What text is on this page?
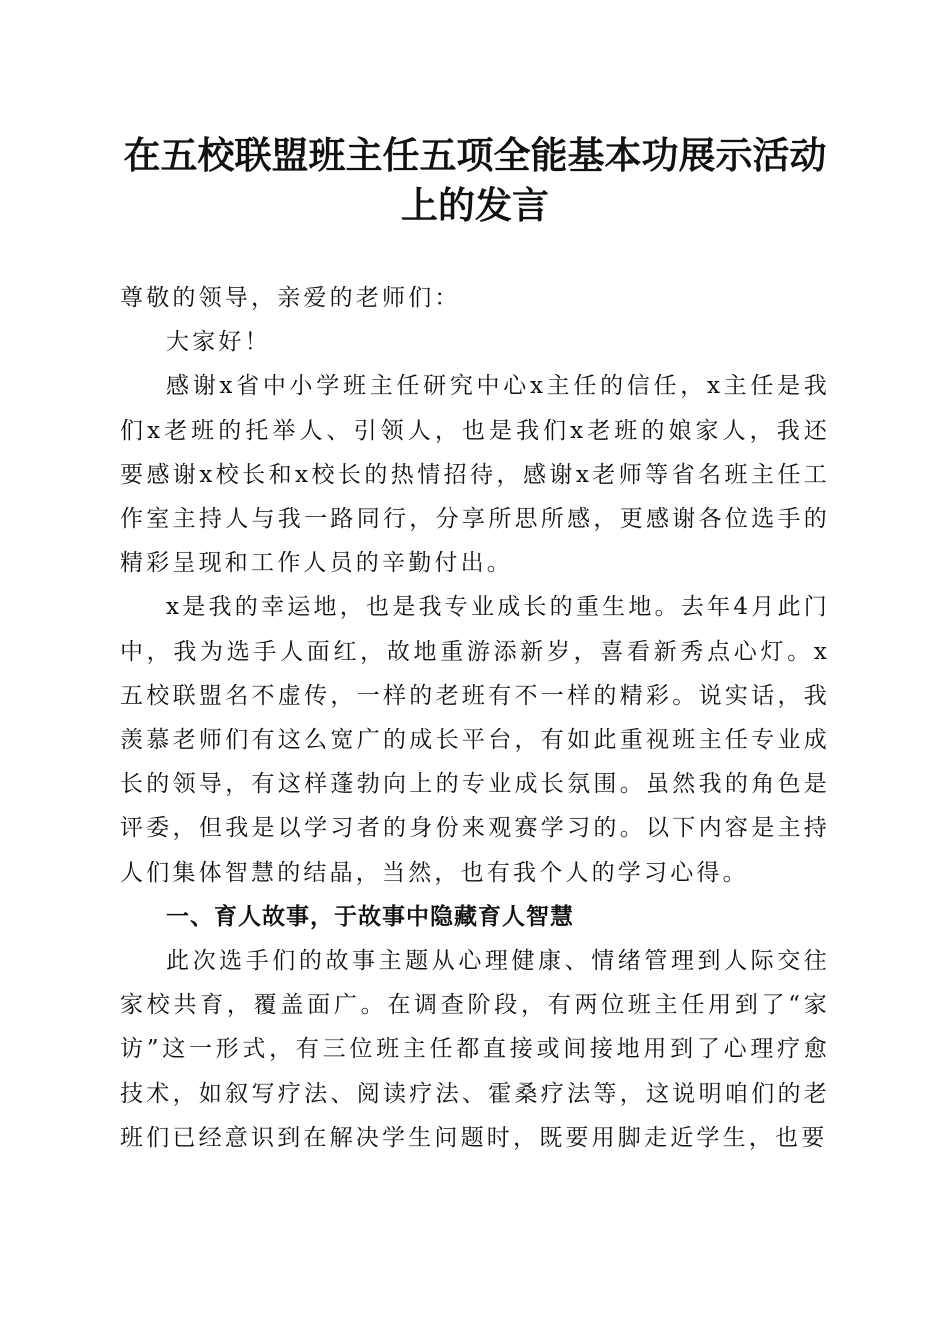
在五校联盟班主任五项全能基本功展示活动上的发言

尊敬的领导，亲爱的老师们：

大家好！

感谢x省中小学班主任研究中心x主任的信任，x主任是我们x老班的托举人、引领人，也是我们x老班的娘家人，我还要感谢x校长和x校长的热情招待，感谢x老师等省名班主任工作室主持人与我一路同行，分享所思所感，更感谢各位选手的精彩呈现和工作人员的辛勤付出。

x是我的幸运地，也是我专业成长的重生地。去年4月此门中，我为选手人面红，故地重游添新岁，喜看新秀点心灯。x五校联盟名不虚传，一样的老班有不一样的精彩。说实话，我羡慕老师们有这么宽广的成长平台，有如此重视班主任专业成长的领导，有这样蓬勃向上的专业成长氛围。虽然我的角色是评委，但我是以学习者的身份来观赛学习的。以下内容是主持人们集体智慧的结晶，当然，也有我个人的学习心得。

一、育人故事，于故事中隐藏育人智慧

此次选手们的故事主题从心理健康、情绪管理到人际交往家校共育，覆盖面广。在调查阶段，有两位班主任用到了“家访”这一形式，有三位班主任都直接或间接地用到了心理疗愈技术，如叙写疗法、阅读疗法、霍桑疗法等，这说明咱们的老班们已经意识到在解决学生问题时，既要用脚走近学生，也要
